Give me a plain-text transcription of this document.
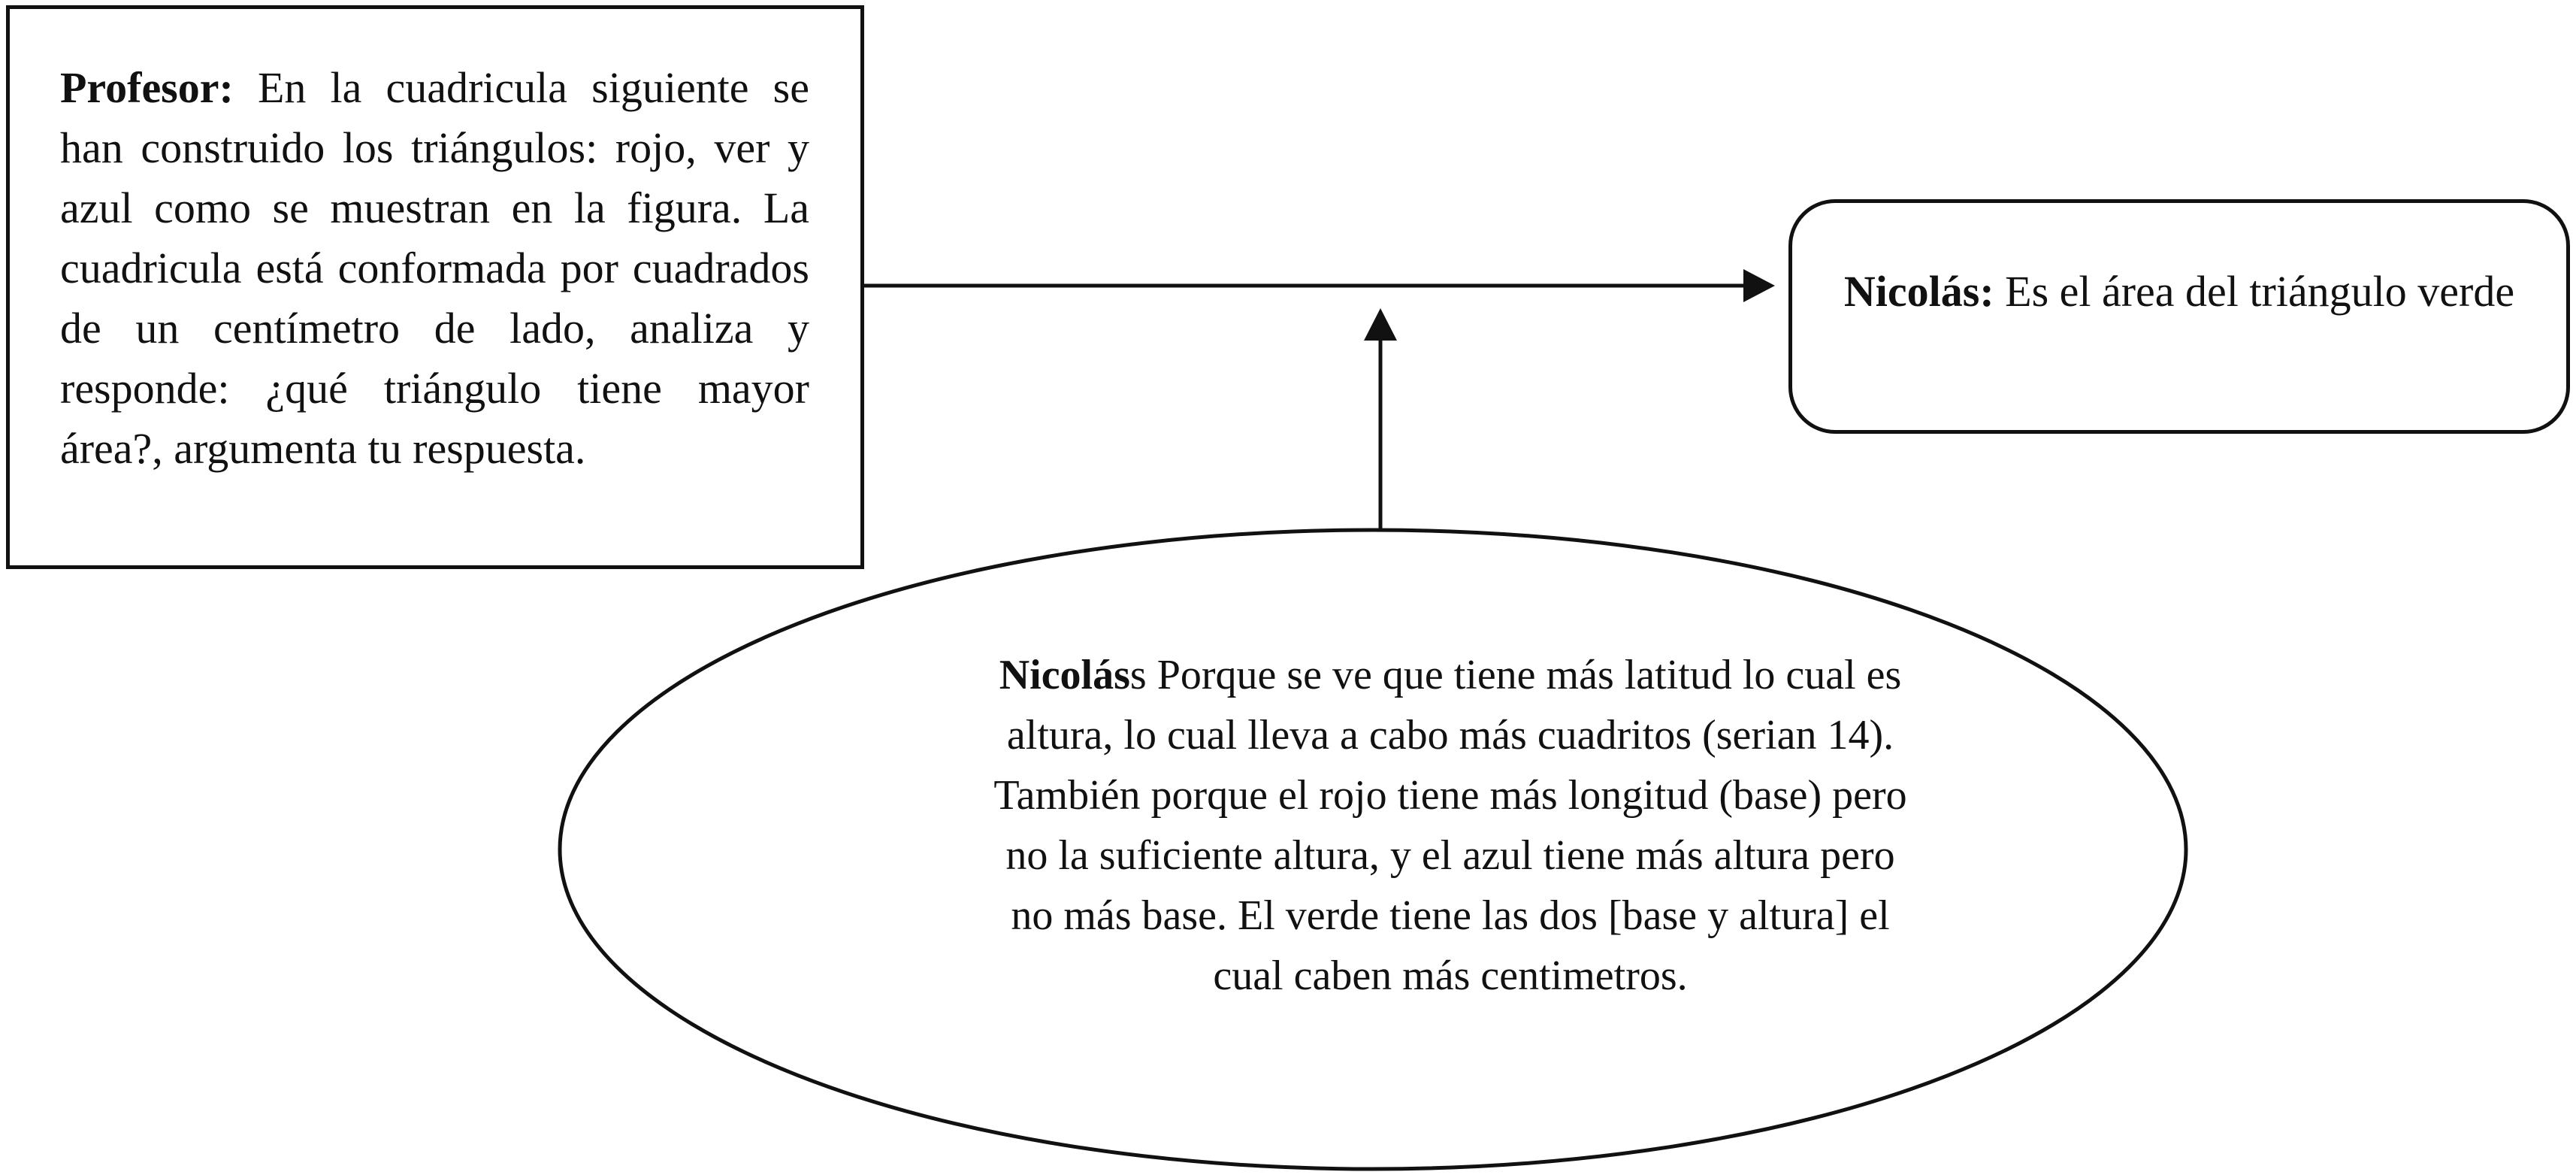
Profesor: En la cuadricula siguiente se han construido los triángulos: rojo, ver y azul como se muestran en la figura. La cuadricula está conformada por cuadrados de un centímetro de lado, analiza y responde: ¿qué triángulo tiene mayor área?, argumenta tu respuesta.

Nicolás: Es el área del triángulo verde

Nicoláss Porque se ve que tiene más latitud lo cual es
altura, lo cual lleva a cabo más cuadritos (serian 14).
También porque el rojo tiene más longitud (base) pero
no la suficiente altura, y el azul tiene más altura pero
no más base. El verde tiene las dos [base y altura] el
cual caben más centimetros.
